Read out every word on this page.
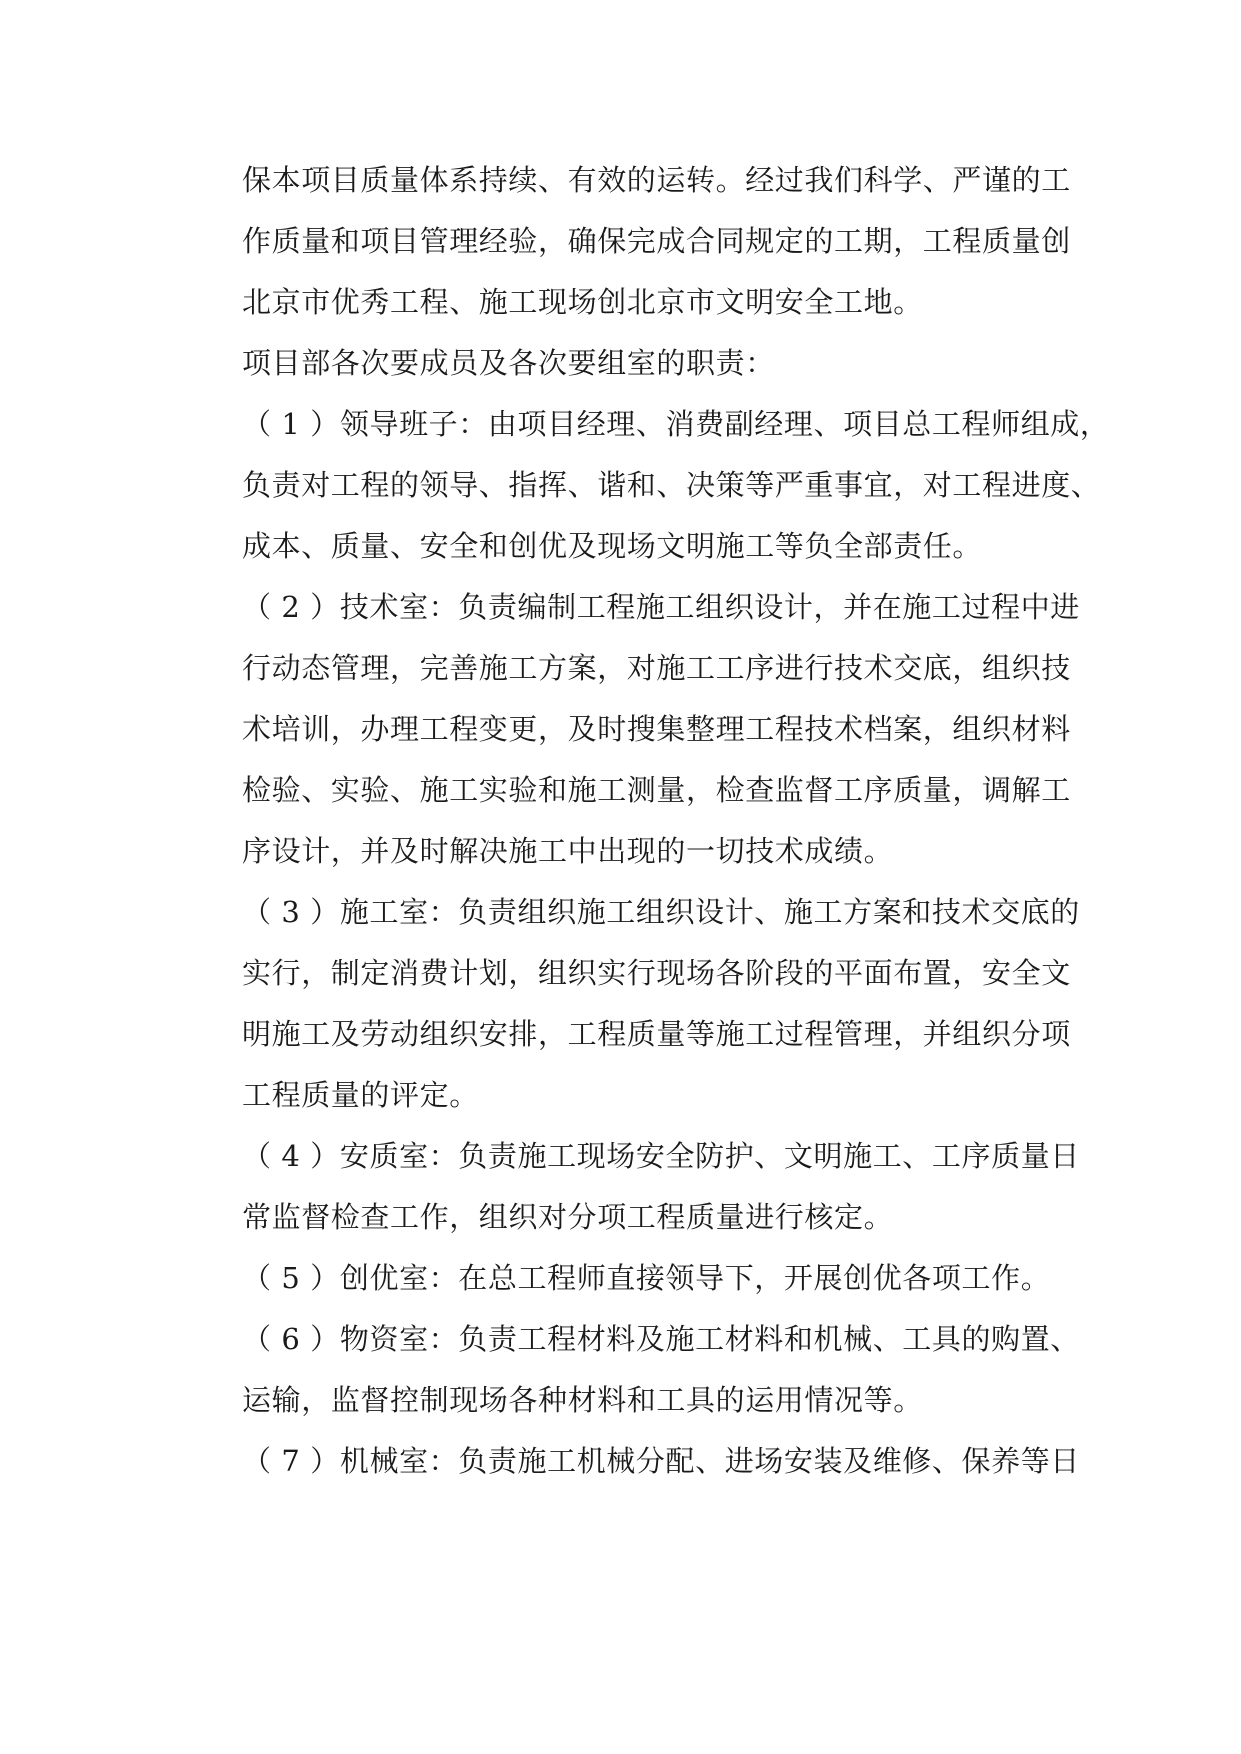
保本项目质量体系持续、有效的运转。经过我们科学、严谨的工
作质量和项目管理经验，确保完成合同规定的工期，工程质量创
北京市优秀工程、施工现场创北京市文明安全工地。
项目部各次要成员及各次要组室的职责：
（ 1 ）领导班子：由项目经理、消费副经理、项目总工程师组成，
负责对工程的领导、指挥、谐和、决策等严重事宜，对工程进度、
成本、质量、安全和创优及现场文明施工等负全部责任。
（ 2 ）技术室：负责编制工程施工组织设计，并在施工过程中进
行动态管理，完善施工方案，对施工工序进行技术交底，组织技
术培训，办理工程变更，及时搜集整理工程技术档案，组织材料
检验、实验、施工实验和施工测量，检查监督工序质量，调解工
序设计，并及时解决施工中出现的一切技术成绩。
（ 3 ）施工室：负责组织施工组织设计、施工方案和技术交底的
实行，制定消费计划，组织实行现场各阶段的平面布置，安全文
明施工及劳动组织安排，工程质量等施工过程管理，并组织分项
工程质量的评定。
（ 4 ）安质室：负责施工现场安全防护、文明施工、工序质量日
常监督检查工作，组织对分项工程质量进行核定。
（ 5 ）创优室：在总工程师直接领导下，开展创优各项工作。
（ 6 ）物资室：负责工程材料及施工材料和机械、工具的购置、
运输，监督控制现场各种材料和工具的运用情况等。
（ 7 ）机械室：负责施工机械分配、进场安装及维修、保养等日
